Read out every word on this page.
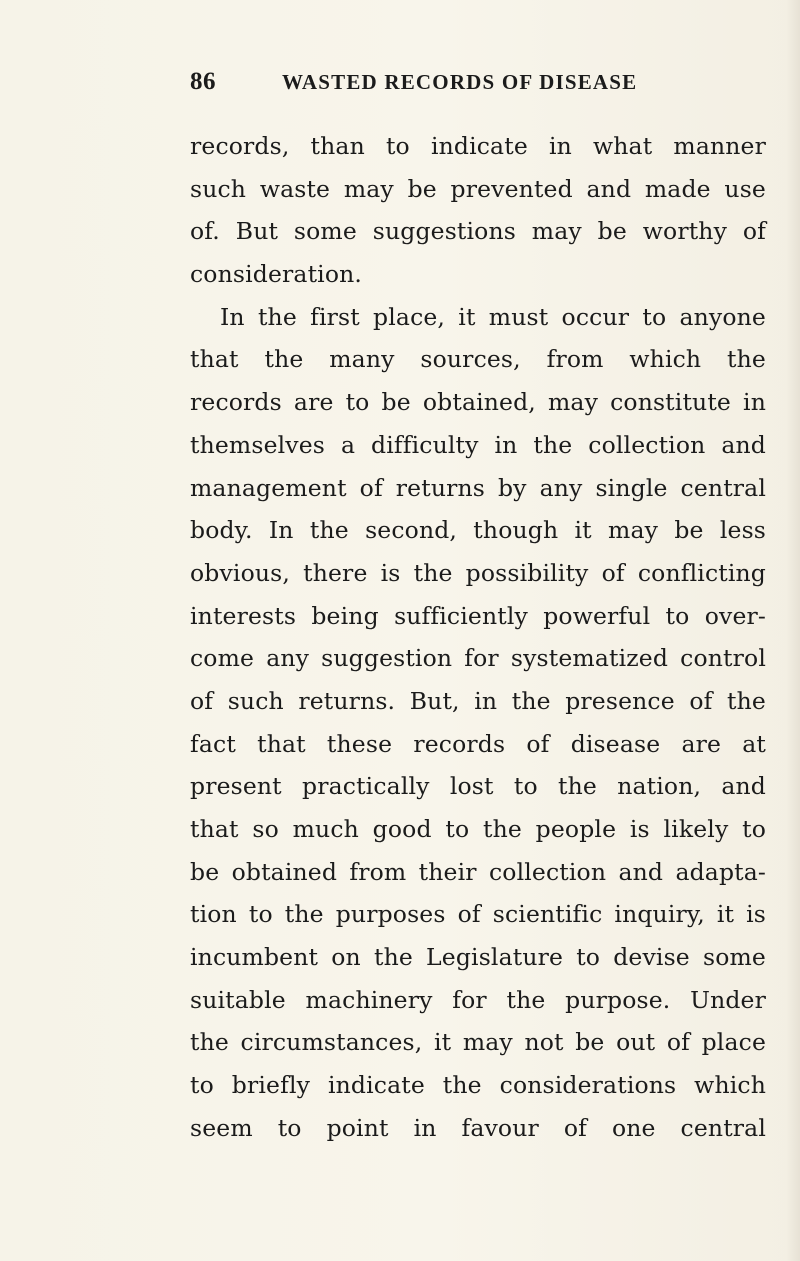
86	WASTED RECORDS OF DISEASE
records, than to indicate in what manner
such waste may be prevented and made use
of. But some suggestions may be worthy of
consideration.
In the first place, it must occur to anyone
that the many sources, from which the
records are to be obtained, may constitute in
themselves a difficulty in the collection and
management of returns by any single central
body. In the second, though it may be less
obvious, there is the possibility of conflicting
interests being sufficiently powerful to over-
come any suggestion for systematized control
of such returns. But, in the presence of the
fact that these records of disease are at
present practically lost to the nation, and
that so much good to the people is likely to
be obtained from their collection and adapta-
tion to the purposes of scientific inquiry, it is
incumbent on the Legislature to devise some
suitable machinery for the purpose. Under
the circumstances, it may not be out of place
to briefly indicate the considerations which
seem to point in favour of one central
